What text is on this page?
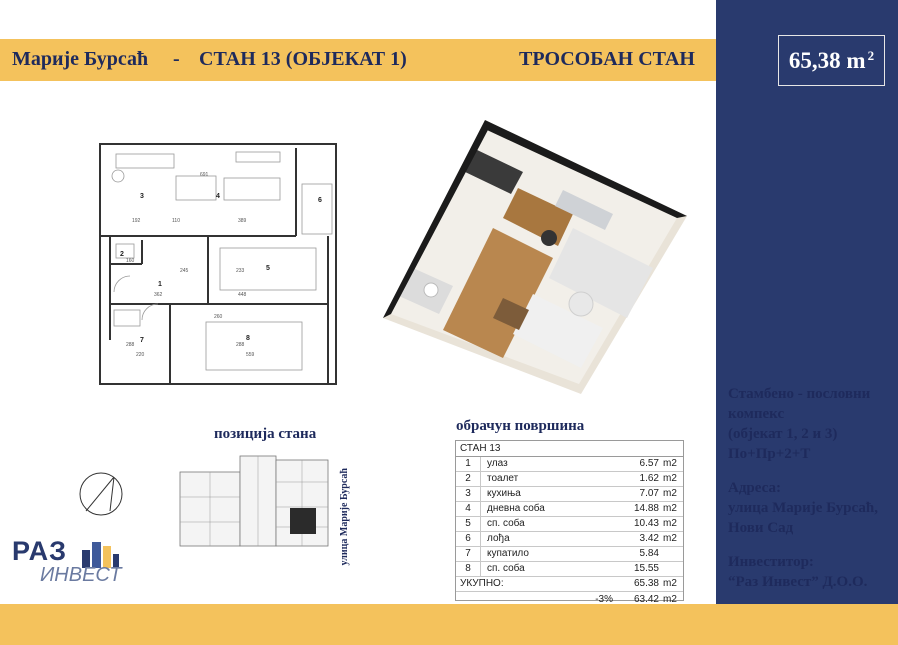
Марије Бурсаћ - СТАН 13 (ОБЈЕКАТ 1)	ТРОСОБАН СТАН	65,38 $m^2$
3	4
6
2
5
1
7	8
691
192	110	389
160
245	233
362	448
288
220	559
288
260
позиција стана
улица Марије Бурсаћ
обрачун површина
СТАН 13
1	улаз	6.57 m2
2	тоалет	1.62 m2
3	кухиња	7.07 m2
4	дневна соба	14.88 m2
5	сп. соба	10.43 m2
6	лођа	3.42 m2
7	купатило	5.84
8	сп. соба	15.55
УКУПНО:	65.38 m2
-3%	63.42 m2

Стамбено - пословни
компекс
(објекат 1, 2 и 3)
По+Пр+2+Т

Адреса:
улица Марије Бурсаћ,
Нови Сад

Инвеститор:
“Раз Инвест” Д.О.О.

РАЗ
ИНВЕСТ
